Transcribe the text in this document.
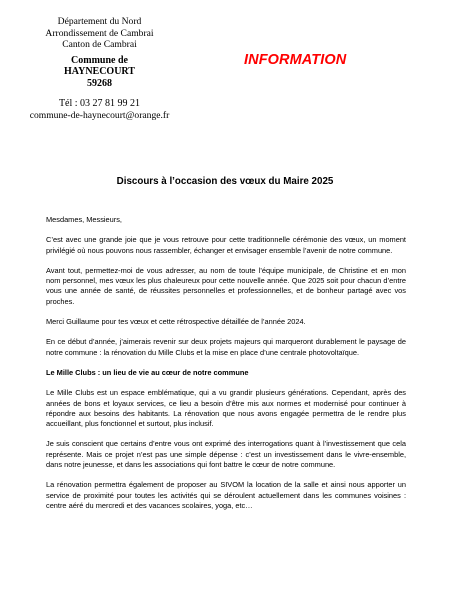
Département du Nord
Arrondissement de Cambrai
Canton de Cambrai
Commune de
HAYNECOURT
59268
Tél : 03 27 81 99 21
commune-de-haynecourt@orange.fr
INFORMATION
Discours à l’occasion des vœux du Maire 2025

Mesdames, Messieurs,

C’est avec une grande joie que je vous retrouve pour cette traditionnelle cérémonie des vœux, un moment privilégié où nous pouvons nous rassembler, échanger et envisager ensemble l’avenir de notre commune.

Avant tout, permettez-moi de vous adresser, au nom de toute l’équipe municipale, de Christine et en mon nom personnel, mes vœux les plus chaleureux pour cette nouvelle année. Que 2025 soit pour chacun d’entre vous une année de santé, de réussites personnelles et professionnelles, et de bonheur partagé avec vos proches.

Merci Guillaume pour tes vœux et cette rétrospective détaillée de l’année 2024.

En ce début d’année, j’aimerais revenir sur deux projets majeurs qui marqueront durablement le paysage de notre commune : la rénovation du Mille Clubs et la mise en place d’une centrale photovoltaïque.

Le Mille Clubs : un lieu de vie au cœur de notre commune

Le Mille Clubs est un espace emblématique, qui a vu grandir plusieurs générations. Cependant, après des années de bons et loyaux services, ce lieu a besoin d’être mis aux normes et modernisé pour continuer à répondre aux besoins des habitants. La rénovation que nous avons engagée permettra de le rendre plus accueillant, plus fonctionnel et surtout, plus inclusif.

Je suis conscient que certains d’entre vous ont exprimé des interrogations quant à l’investissement que cela représente. Mais ce projet n’est pas une simple dépense : c’est un investissement dans le vivre-ensemble, dans notre jeunesse, et dans les associations qui font battre le cœur de notre commune.

La rénovation permettra également de proposer au SIVOM la location de la salle et ainsi nous apporter un service de proximité pour toutes les activités qui se déroulent actuellement dans les communes voisines : centre aéré du mercredi et des vacances scolaires, yoga, etc…
